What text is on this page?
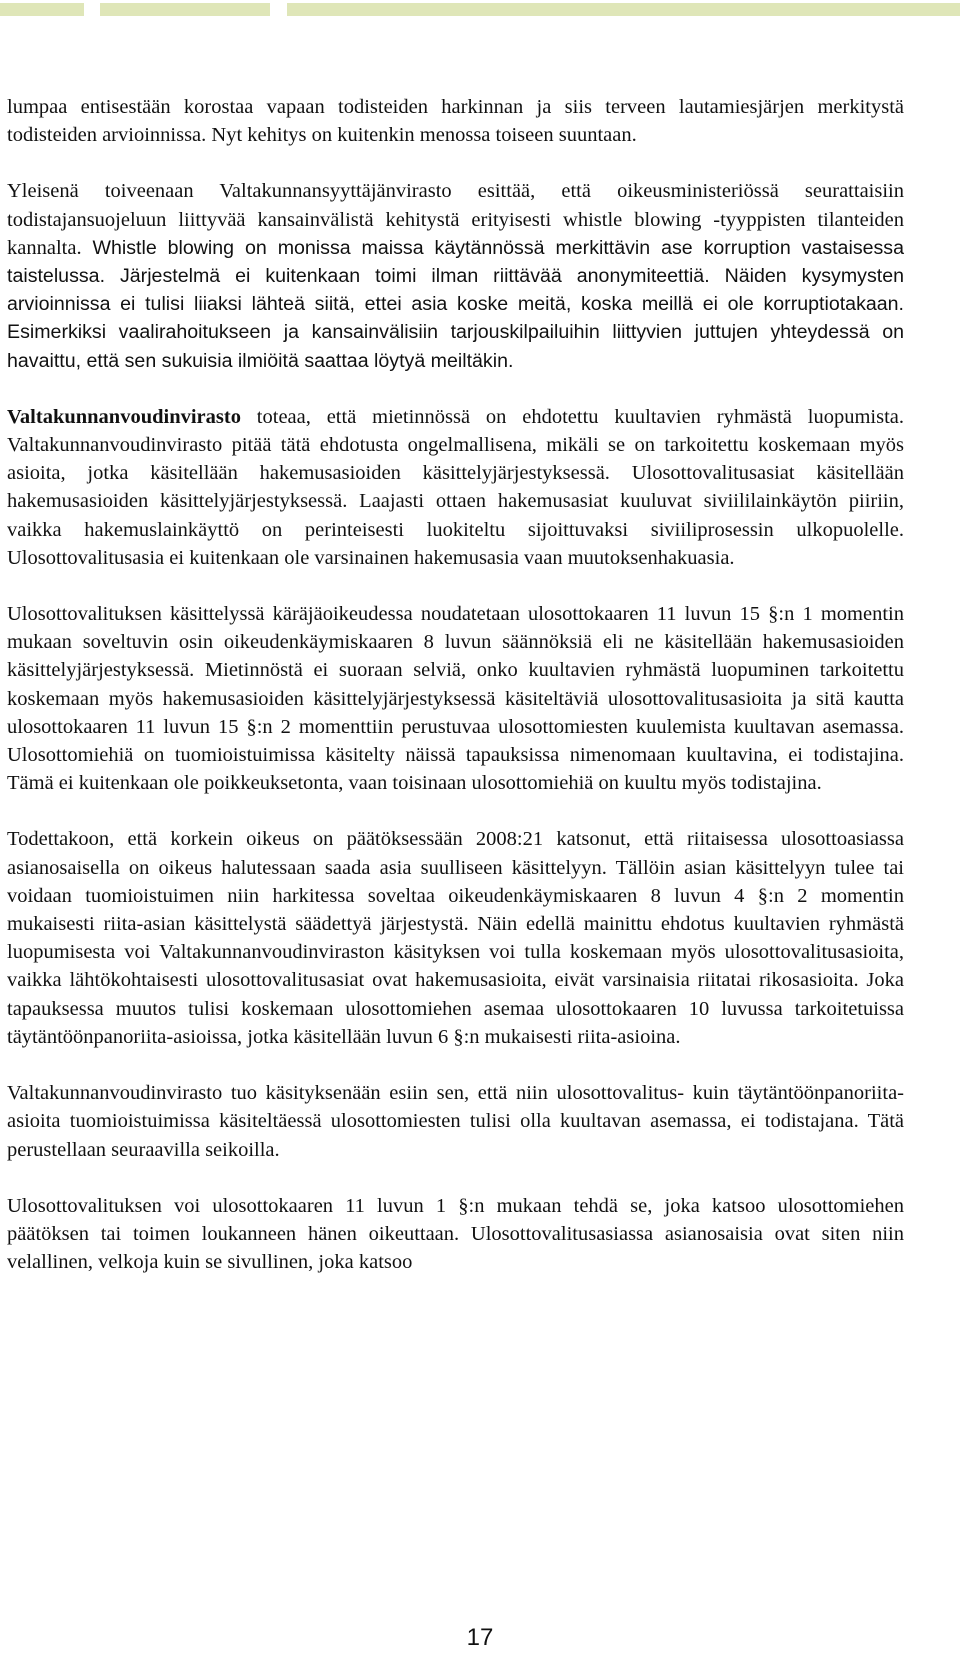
lumpaa entisestään korostaa vapaan todisteiden harkinnan ja siis terveen lautamiesjärjen merkitystä todisteiden arvioinnissa. Nyt kehitys on kuitenkin menossa toiseen suuntaan.

Yleisenä toiveenaan Valtakunnansyyttäjänvirasto esittää, että oikeusministeriössä seurattaisiin todistajansuojeluun liittyvää kansainvälistä kehitystä erityisesti whistle blowing -tyyppisten tilanteiden kannalta. Whistle blowing on monissa maissa käytännössä merkittävin ase korruption vastaisessa taistelussa. Järjestelmä ei kuitenkaan toimi ilman riittävää anonymiteettiä. Näiden kysymysten arvioinnissa ei tulisi liiaksi lähteä siitä, ettei asia koske meitä, koska meillä ei ole korruptiotakaan. Esimerkiksi vaalirahoitukseen ja kansainvälisiin tarjouskilpailuihin liittyvien juttujen yhteydessä on havaittu, että sen sukuisia ilmiöitä saattaa löytyä meiltäkin.

Valtakunnanvoudinvirasto toteaa, että mietinnössä on ehdotettu kuultavien ryhmästä luopumista. Valtakunnanvoudinvirasto pitää tätä ehdotusta ongelmallisena, mikäli se on tarkoitettu koskemaan myös asioita, jotka käsitellään hakemusasioiden käsittelyjärjestyksessä. Ulosottovalitusasiat käsitellään hakemusasioiden käsittelyjärjestyksessä. Laajasti ottaen hakemusasiat kuuluvat siviililainkäytön piiriin, vaikka hakemuslainkäyttö on perinteisesti luokiteltu sijoittuvaksi siviiliprosessin ulkopuolelle. Ulosottovalitusasia ei kuitenkaan ole varsinainen hakemusasia vaan muutoksenhakuasia.

Ulosottovalituksen käsittelyssä käräjäoikeudessa noudatetaan ulosottokaaren 11 luvun 15 §:n 1 momentin mukaan soveltuvin osin oikeudenkäymiskaaren 8 luvun säännöksiä eli ne käsitellään hakemusasioiden käsittelyjärjestyksessä. Mietinnöstä ei suoraan selviä, onko kuultavien ryhmästä luopuminen tarkoitettu koskemaan myös hakemusasioiden käsittelyjärjestyksessä käsiteltäviä ulosottovalitusasioita ja sitä kautta ulosottokaaren 11 luvun 15 §:n 2 momenttiin perustuvaa ulosottomiesten kuulemista kuultavan asemassa. Ulosottomiehiä on tuomioistuimissa käsitelty näissä tapauksissa nimenomaan kuultavina, ei todistajina. Tämä ei kuitenkaan ole poikkeuksetonta, vaan toisinaan ulosottomiehiä on kuultu myös todistajina.

Todettakoon, että korkein oikeus on päätöksessään 2008:21 katsonut, että riitaisessa ulosottoasiassa asianosaisella on oikeus halutessaan saada asia suulliseen käsittelyyn. Tällöin asian käsittelyyn tulee tai voidaan tuomioistuimen niin harkitessa soveltaa oikeudenkäymiskaaren 8 luvun 4 §:n 2 momentin mukaisesti riita-asian käsittelystä säädettyä järjestystä. Näin edellä mainittu ehdotus kuultavien ryhmästä luopumisesta voi Valtakunnanvoudinviraston käsityksen voi tulla koskemaan myös ulosottovalitusasioita, vaikka lähtökohtaisesti ulosottovalitusasiat ovat hakemusasioita, eivät varsinaisia riitatai rikosasioita. Joka tapauksessa muutos tulisi koskemaan ulosottomiehen asemaa ulosottokaaren 10 luvussa tarkoitetuissa täytäntöönpanoriita-asioissa, jotka käsitellään luvun 6 §:n mukaisesti riita-asioina.

Valtakunnanvoudinvirasto tuo käsityksenään esiin sen, että niin ulosottovalitus- kuin täytäntöönpanoriita-asioita tuomioistuimissa käsiteltäessä ulosottomiesten tulisi olla kuultavan asemassa, ei todistajana. Tätä perustellaan seuraavilla seikoilla.

Ulosottovalituksen voi ulosottokaaren 11 luvun 1 §:n mukaan tehdä se, joka katsoo ulosottomiehen päätöksen tai toimen loukanneen hänen oikeuttaan. Ulosottovalitusasiassa asianosaisia ovat siten niin velallinen, velkoja kuin se sivullinen, joka katsoo

17
